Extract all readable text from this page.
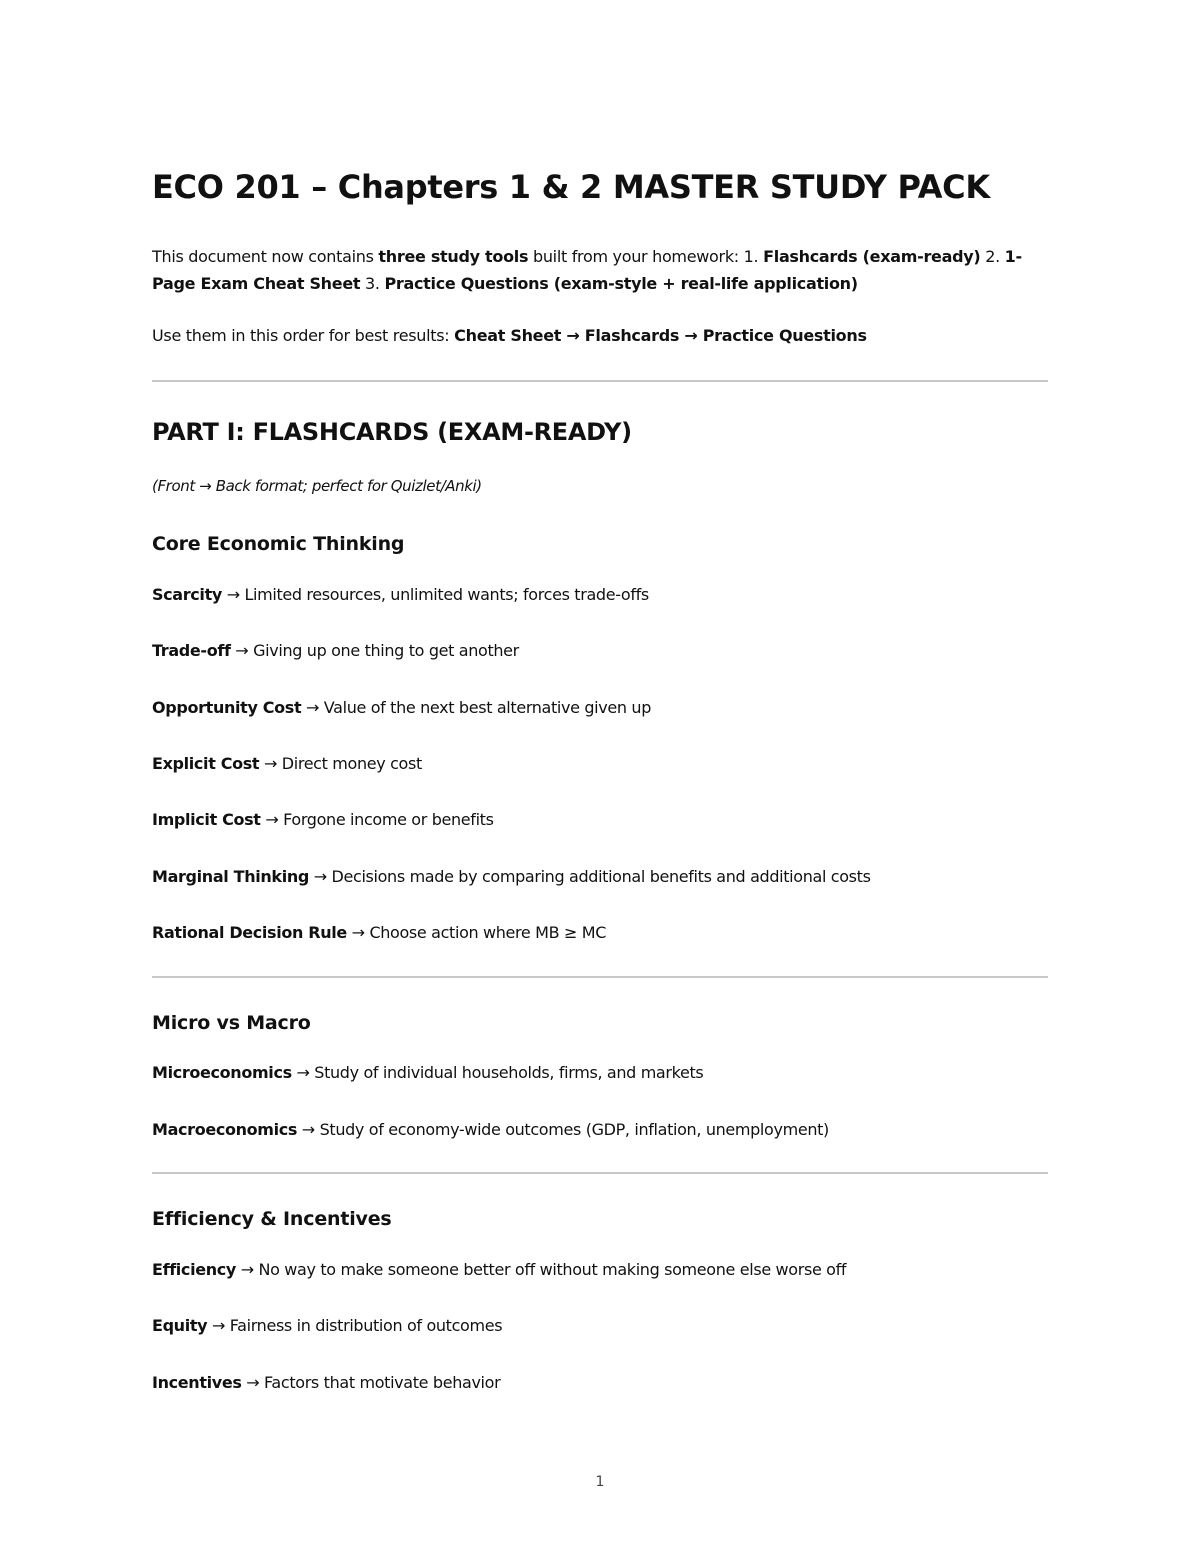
ECO 201 – Chapters 1 & 2 MASTER STUDY PACK
This document now contains three study tools built from your homework: 1. Flashcards (exam-ready) 2. 1-Page Exam Cheat Sheet 3. Practice Questions (exam-style + real-life application)
Use them in this order for best results: Cheat Sheet → Flashcards → Practice Questions
PART I: FLASHCARDS (EXAM-READY)
(Front → Back format; perfect for Quizlet/Anki)
Core Economic Thinking
Scarcity → Limited resources, unlimited wants; forces trade-offs
Trade-off → Giving up one thing to get another
Opportunity Cost → Value of the next best alternative given up
Explicit Cost → Direct money cost
Implicit Cost → Forgone income or benefits
Marginal Thinking → Decisions made by comparing additional benefits and additional costs
Rational Decision Rule → Choose action where MB ≥ MC
Micro vs Macro
Microeconomics → Study of individual households, firms, and markets
Macroeconomics → Study of economy-wide outcomes (GDP, inflation, unemployment)
Efficiency & Incentives
Efficiency → No way to make someone better off without making someone else worse off
Equity → Fairness in distribution of outcomes
Incentives → Factors that motivate behavior
1
